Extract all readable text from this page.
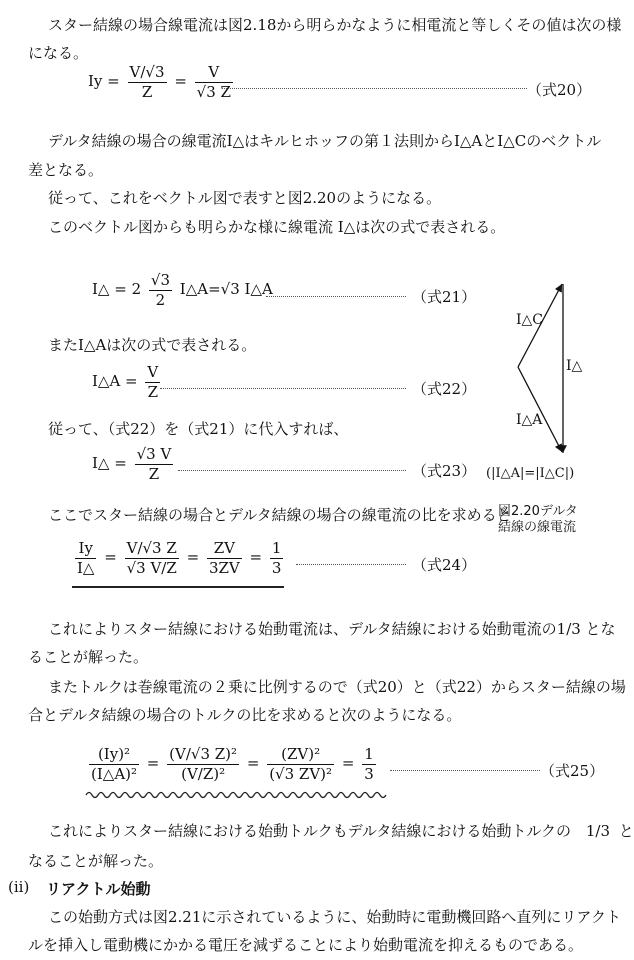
スター結線の場合線電流は図2.18から明らかなように相電流と等しくその値は次の様
になる。
$Iy = \frac{V/√3}{Z} = \frac{V}{√3 Z}$	（式20）
デルタ結線の場合の線電流I△はキルヒホッフの第１法則からI△AとI△Cのベクトル
差となる。
従って、これをベクトル図で表すと図2.20のようになる。
このベクトル図からも明らかな様に線電流 I△は次の式で表される。
I△ = $2 \frac{√3}{2}$ I△A=√3 I△A	（式21）
またI△Aは次の式で表される。
I△A = $\frac{V}{Z}$	（式22）
従って、（式22）を（式21）に代入すれば、
I△ = $\frac{√3 V}{Z}$	（式23）
ここでスター結線の場合とデルタ結線の場合の線電流の比を求めると
$\frac{Iy}{I\triangle} = \frac{V/√3 Z}{√3 V/Z} = \frac{ZV}{3ZV} = \frac{1}{3}$	（式24）
I△C
I△
I△A
(|I△A|=|I△C|)
図2.20デルタ
結線の線電流
これによりスター結線における始動電流は、デルタ結線における始動電流の1/3 とな
ることが解った。
またトルクは巻線電流の２乗に比例するので（式20）と（式22）からスター結線の場
合とデルタ結線の場合のトルクの比を求めると次のようになる。
$\frac{\text{(Iy)²}}{\text{(I△A)²}} = \frac{\text{(V/√3 Z)²}}{\text{(V/Z)²}} = \frac{\text{(ZV)²}}{\text{(√3 ZV)²}} = \frac{1}{3}$	（式25）
これによりスター結線における始動トルクもデルタ結線における始動トルクの 1/3 と
なることが解った。
(ii) リアクトル始動
この始動方式は図2.21に示されているように、始動時に電動機回路へ直列にリアクト
ルを挿入し電動機にかかる電圧を減ずることにより始動電流を抑えるものである。
